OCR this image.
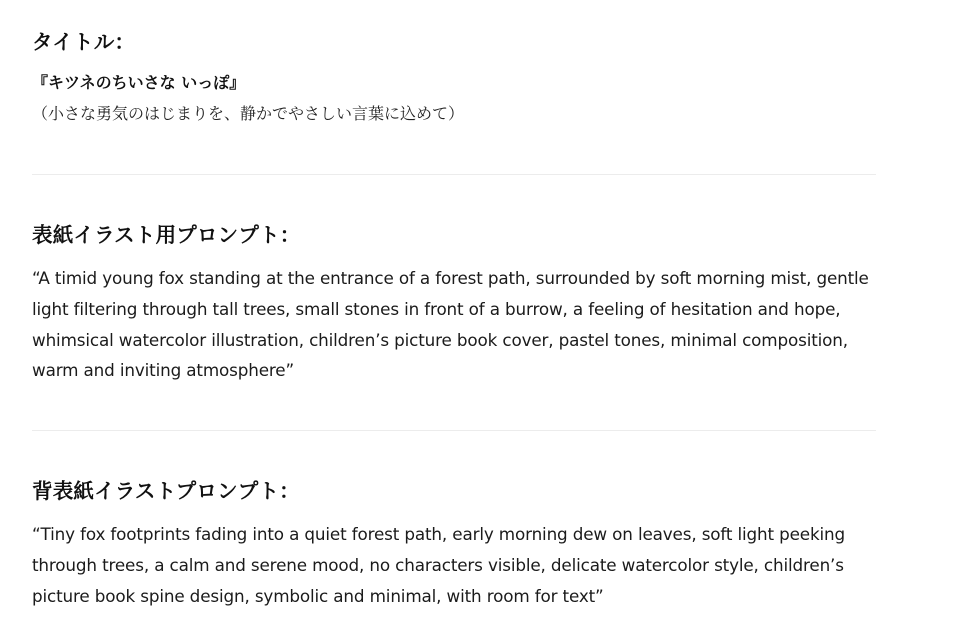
タイトル：

『キツネのちいさな いっぽ』

（小さな勇気のはじまりを、静かでやさしい言葉に込めて）

表紙イラスト用プロンプト：

“A timid young fox standing at the entrance of a forest path, surrounded by soft morning mist, gentle light filtering through tall trees, small stones in front of a burrow, a feeling of hesitation and hope, whimsical watercolor illustration, children’s picture book cover, pastel tones, minimal composition, warm and inviting atmosphere”

背表紙イラストプロンプト：

“Tiny fox footprints fading into a quiet forest path, early morning dew on leaves, soft light peeking through trees, a calm and serene mood, no characters visible, delicate watercolor style, children’s picture book spine design, symbolic and minimal, with room for text”
